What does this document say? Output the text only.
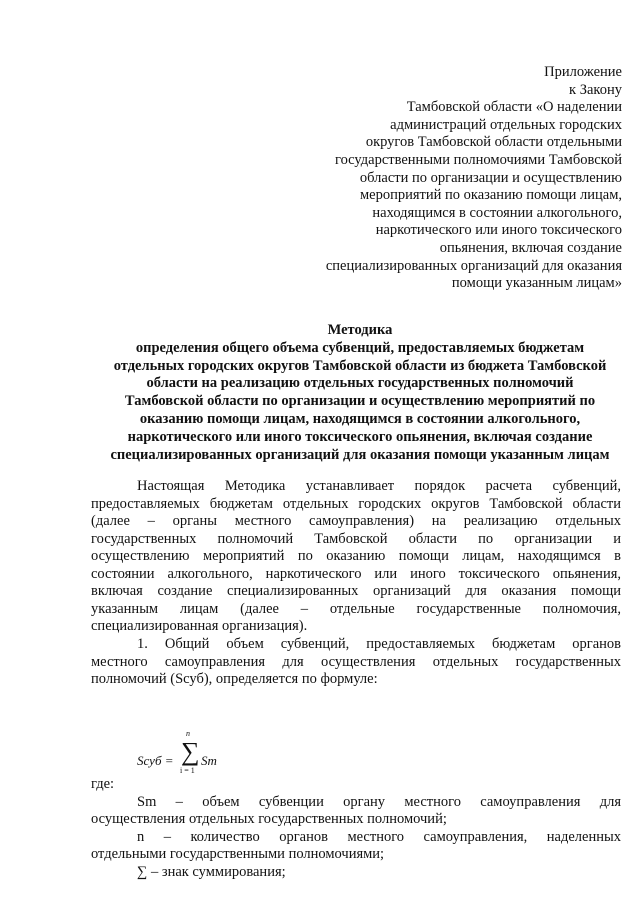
Приложение
к Закону
Тамбовской области «О наделении
администраций отдельных городских
округов Тамбовской области отдельными
государственными полномочиями Тамбовской
области по организации и осуществлению
мероприятий по оказанию помощи лицам,
находящимся в состоянии алкогольного,
наркотического или иного токсического
опьянения, включая создание
специализированных организаций для оказания
помощи указанным лицам»
Методика
определения общего объема субвенций, предоставляемых бюджетам
отдельных городских округов Тамбовской области из бюджета Тамбовской
области на реализацию отдельных государственных полномочий
Тамбовской области по организации и осуществлению мероприятий по
оказанию помощи лицам, находящимся в состоянии алкогольного,
наркотического или иного токсического опьянения, включая создание
специализированных организаций для оказания помощи указанным лицам
Настоящая Методика устанавливает порядок расчета субвенций,
предоставляемых бюджетам отдельных городских округов Тамбовской области
(далее – органы местного самоуправления) на реализацию отдельных
государственных полномочий Тамбовской области по организации и
осуществлению мероприятий по оказанию помощи лицам, находящимся в
состоянии алкогольного, наркотического или иного токсического опьянения,
включая создание специализированных организаций для оказания помощи
указанным лицам (далее – отдельные государственные полномочия,
специализированная организация).
1. Общий объем субвенций, предоставляемых бюджетам органов
местного самоуправления для осуществления отдельных государственных
полномочий (Sсуб), определяется по формуле:
Sсуб =
n
∑
i = 1
Sm
где:
Sm – объем субвенции органу местного самоуправления для
осуществления отдельных государственных полномочий;
n – количество органов местного самоуправления, наделенных
отдельными государственными полномочиями;
∑ – знак суммирования;
